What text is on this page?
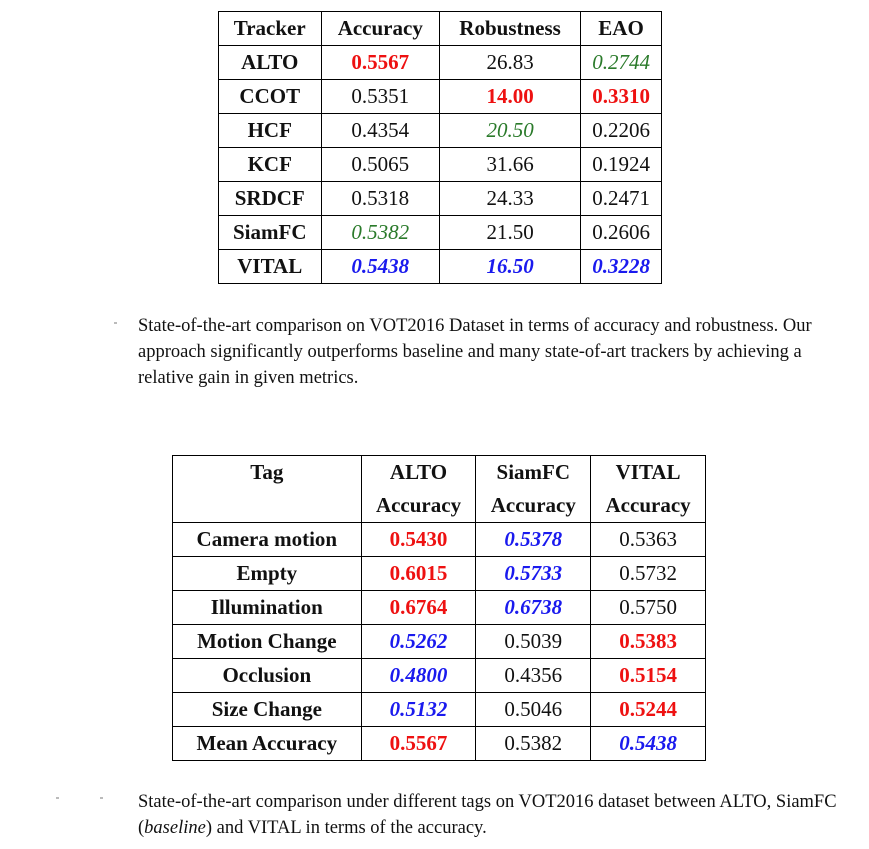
Tracker	Accuracy	Robustness	EAO
ALTO	0.5567	26.83	0.2744
CCOT	0.5351	14.00	0.3310
HCF	0.4354	20.50	0.2206
KCF	0.5065	31.66	0.1924
SRDCF	0.5318	24.33	0.2471
SiamFC	0.5382	21.50	0.2606
VITAL	0.5438	16.50	0.3228
State-of-the-art comparison on VOT2016 Dataset in terms of accuracy and robustness. Our approach significantly outperforms baseline and many state-of-art trackers by achieving a relative gain in given metrics.
Tag	ALTO	SiamFC	VITAL
	Accuracy	Accuracy	Accuracy
Camera motion	0.5430	0.5378	0.5363
Empty	0.6015	0.5733	0.5732
Illumination	0.6764	0.6738	0.5750
Motion Change	0.5262	0.5039	0.5383
Occlusion	0.4800	0.4356	0.5154
Size Change	0.5132	0.5046	0.5244
Mean Accuracy	0.5567	0.5382	0.5438
State-of-the-art comparison under different tags on VOT2016 dataset between ALTO, SiamFC (baseline) and VITAL in terms of the accuracy.
